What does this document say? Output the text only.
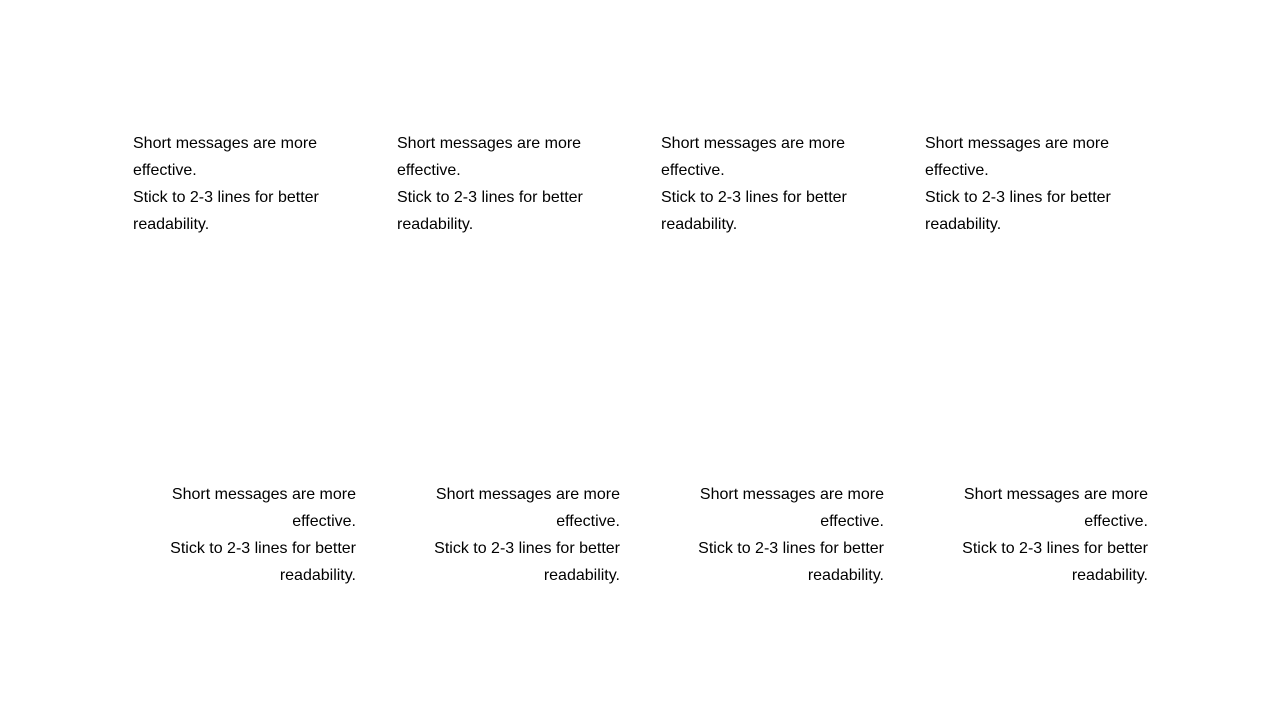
Short messages are more
effective.
Stick to 2-3 lines for better
readability.
Short messages are more
effective.
Stick to 2-3 lines for better
readability.
Short messages are more
effective.
Stick to 2-3 lines for better
readability.
Short messages are more
effective.
Stick to 2-3 lines for better
readability.
Short messages are more
effective.
Stick to 2-3 lines for better
readability.
Short messages are more
effective.
Stick to 2-3 lines for better
readability.
Short messages are more
effective.
Stick to 2-3 lines for better
readability.
Short messages are more
effective.
Stick to 2-3 lines for better
readability.
